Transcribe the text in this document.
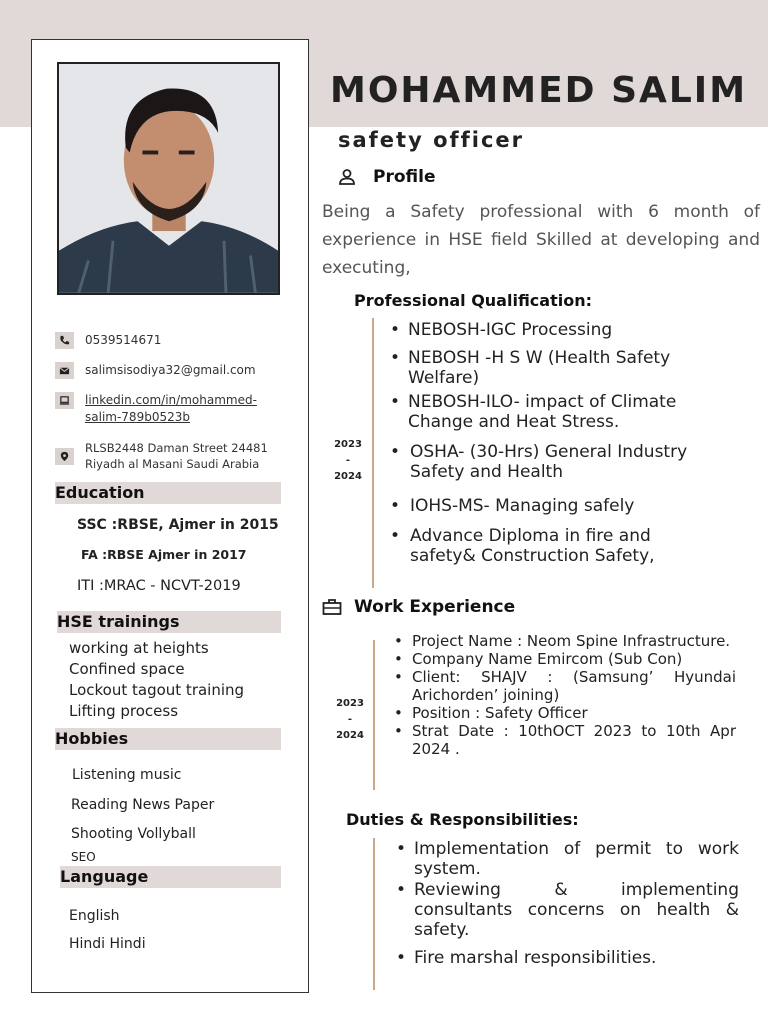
0539514671
salimsisodiya32@gmail.com
linkedin.com/in/mohammed-
salim-789b0523b
RLSB2448 Daman Street 24481
Riyadh al Masani Saudi Arabia
Education
SSC :RBSE, Ajmer in 2015
FA :RBSE Ajmer in 2017
ITI :MRAC - NCVT-2019
HSE trainings
working at heights
Confined space
Lockout tagout training
Lifting process
Hobbies
Listening music
Reading News Paper
Shooting Vollyball
SEO
Language
English
Hindi Hindi
MOHAMMED SALIM
safety officer
Profile
Being a Safety professional with 6 month of experience in HSE field Skilled at developing and executing,
Professional Qualification:
2023
-
2024
• NEBOSH-IGC Processing
• NEBOSH -H S W (Health Safety Welfare)
• NEBOSH-ILO- impact of Climate Change and Heat Stress.
• OSHA- (30-Hrs) General Industry Safety and Health
• IOHS-MS- Managing safely
• Advance Diploma in fire and safety& Construction Safety,
Work Experience
2023
-
2024
• Project Name : Neom Spine Infrastructure.
• Company Name Emircom (Sub Con)
• Client: SHAJV : (Samsung’ Hyundai Arichorden’ joining)
• Position : Safety Officer
• Strat Date : 10thOCT 2023 to 10th Apr 2024 .
Duties & Responsibilities:
• Implementation of permit to work system.
• Reviewing & implementing consultants concerns on health & safety.
• Fire marshal responsibilities.
